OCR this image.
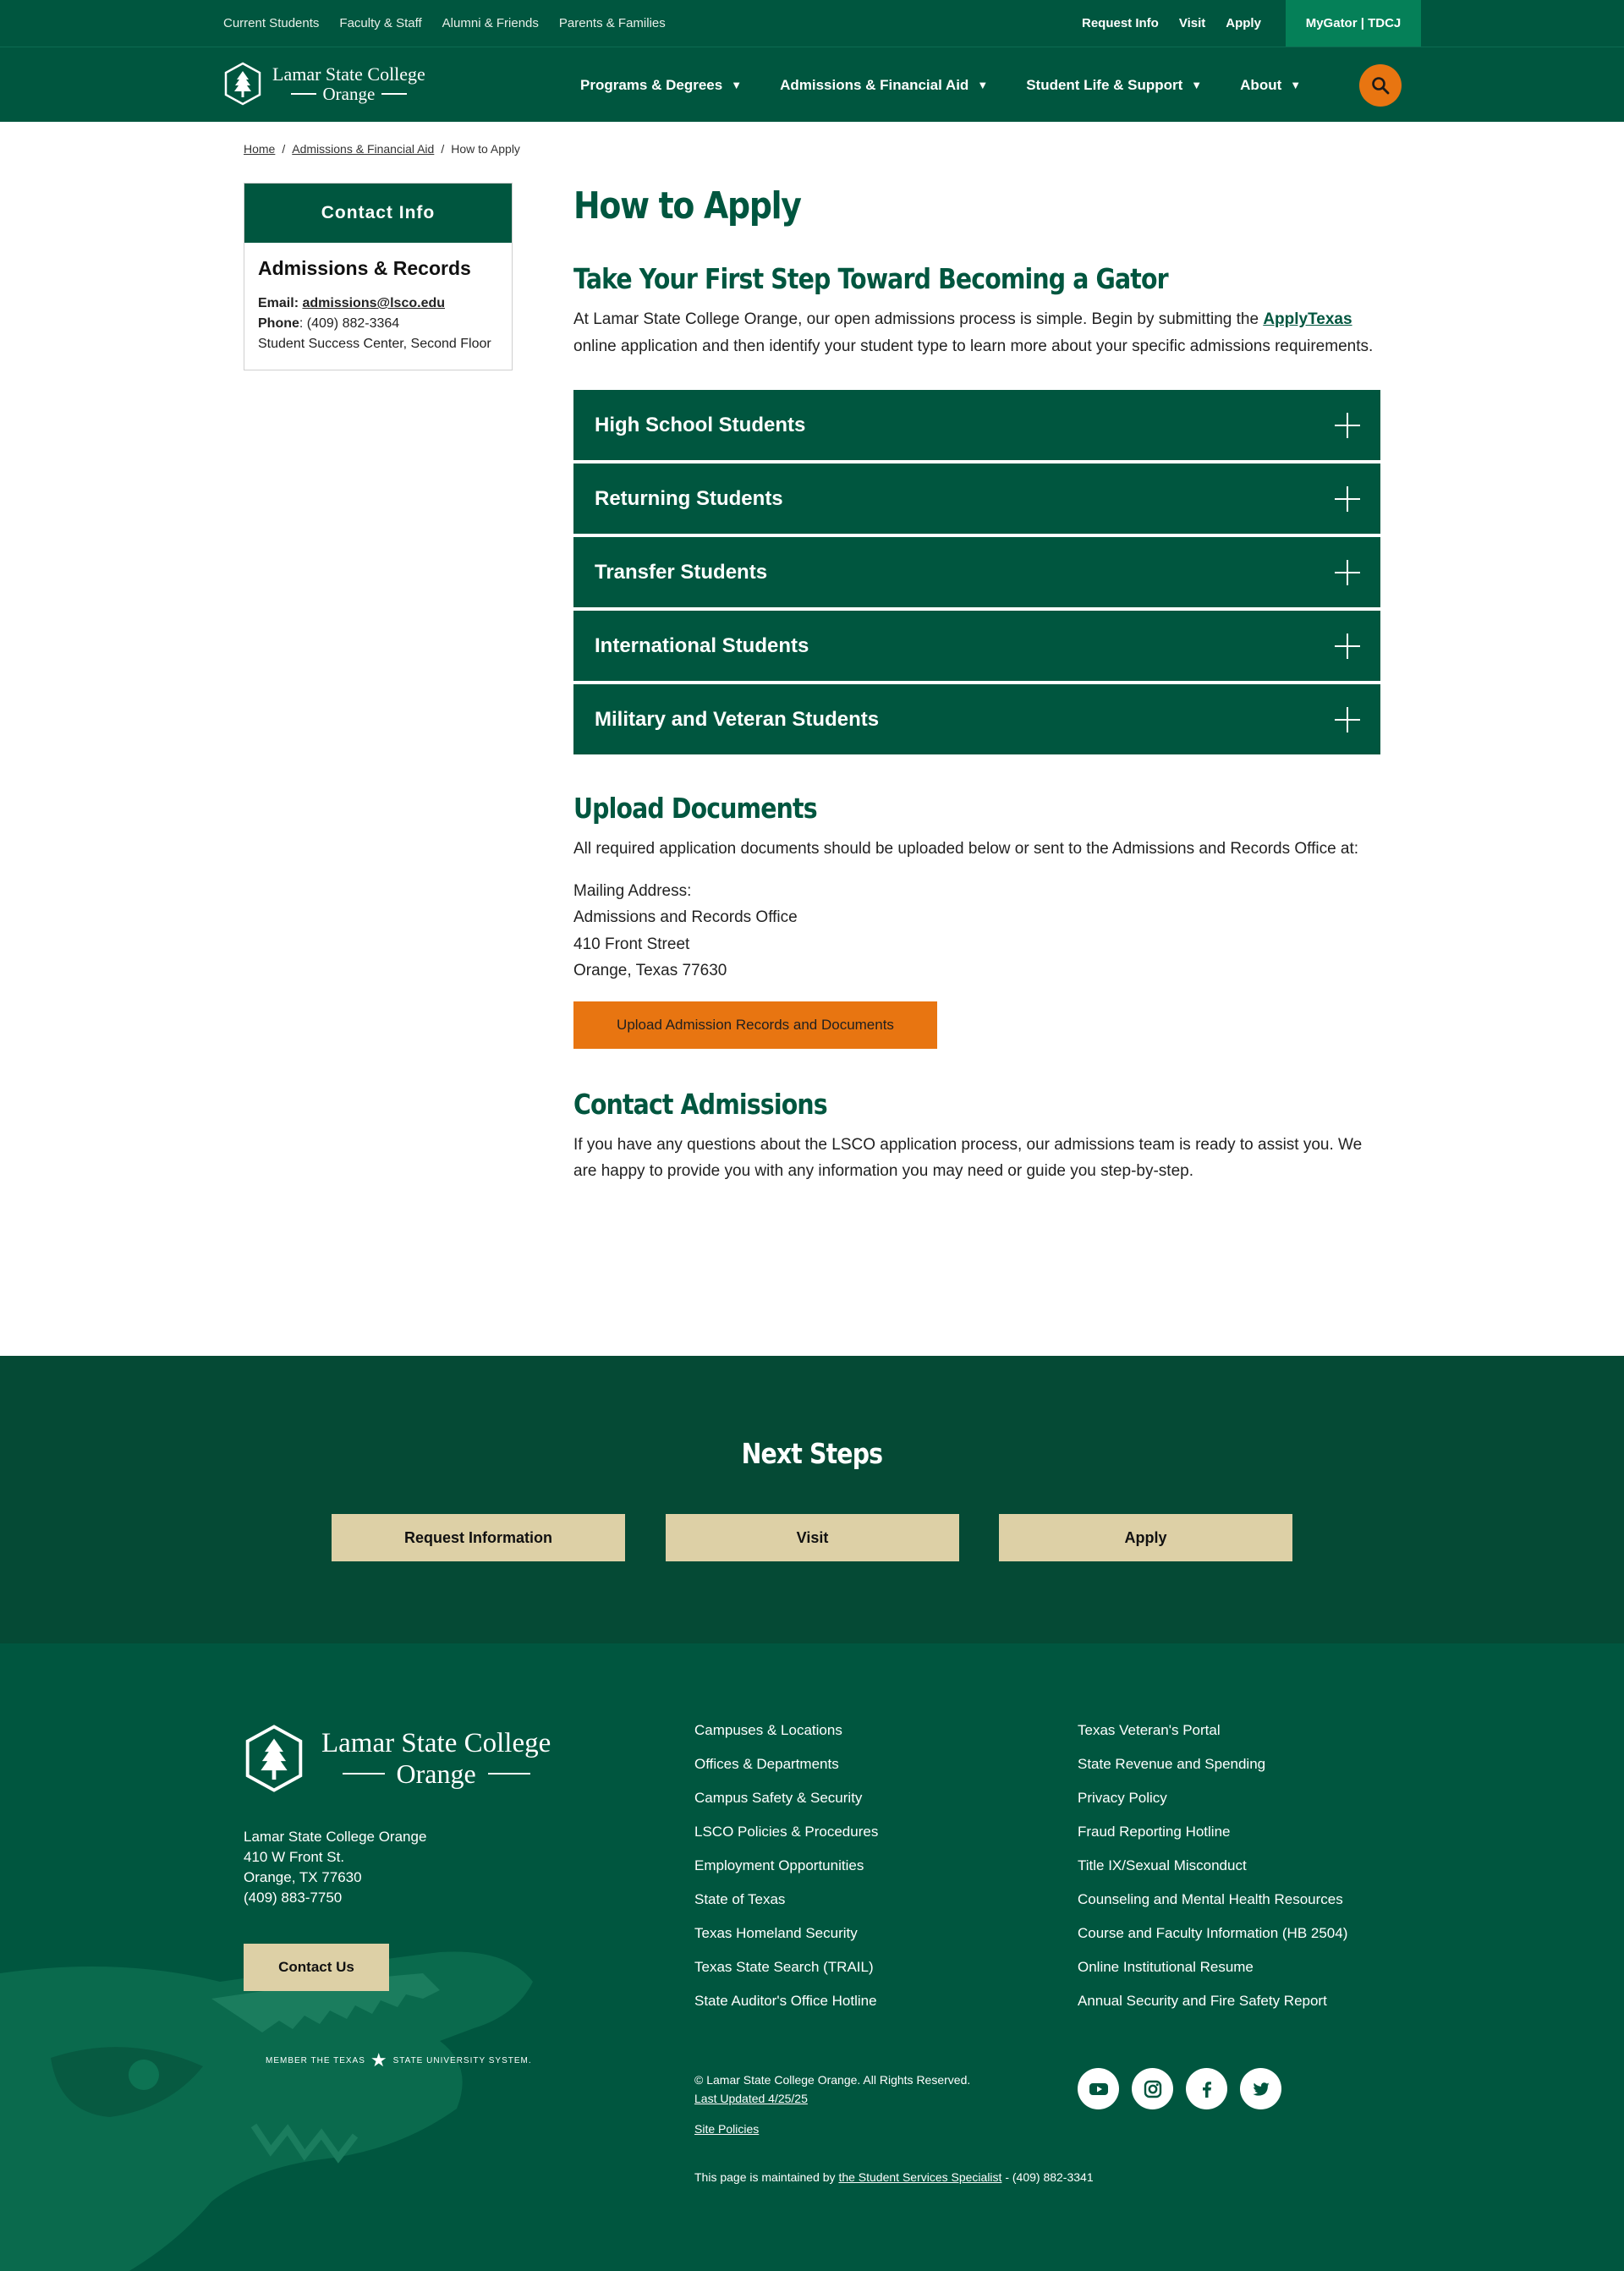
Current Students Faculty & Staff Alumni & Friends Parents & Families	Request Info Visit Apply	MyGator | TDCJ
Lamar State College
Orange	Programs & Degrees ▼	Admissions & Financial Aid ▼	Student Life & Support ▼	About ▼
Home / Admissions & Financial Aid / How to Apply
Contact Info
Admissions & Records

Email: admissions@lsco.edu

Phone: (409) 882-3364

Student Success Center, Second Floor

How to Apply
Take Your First Step Toward Becoming a Gator

At Lamar State College Orange, our open admissions process is simple. Begin by submitting the ApplyTexas online application and then identify your student type to learn more about your specific admissions requirements.

High School Students
Returning Students
Transfer Students
International Students
Military and Veteran Students
Upload Documents

All required application documents should be uploaded below or sent to the Admissions and Records Office at:

Mailing Address:
Admissions and Records Office
410 Front Street
Orange, Texas 77630

Upload Admission Records and Documents
Contact Admissions

If you have any questions about the LSCO application process, our admissions team is ready to assist you. We are happy to provide you with any information you may need or guide you step-by-step.

Next Steps
Request Information	Visit	Apply
Lamar State College
Orange
Lamar State College Orange
410 W Front St.
Orange, TX 77630
(409) 883-7750
Contact Us
MEMBER THE TEXAS ★ STATE UNIVERSITY SYSTEM.
Campuses & Locations
Offices & Departments
Campus Safety & Security
LSCO Policies & Procedures
Employment Opportunities
State of Texas
Texas Homeland Security
Texas State Search (TRAIL)
State Auditor's Office Hotline
Texas Veteran's Portal
State Revenue and Spending
Privacy Policy
Fraud Reporting Hotline
Title IX/Sexual Misconduct
Counseling and Mental Health Resources
Course and Faculty Information (HB 2504)
Online Institutional Resume
Annual Security and Fire Safety Report
© Lamar State College Orange. All Rights Reserved.
Last Updated 4/25/25
Site Policies
This page is maintained by the Student Services Specialist - (409) 882-3341
